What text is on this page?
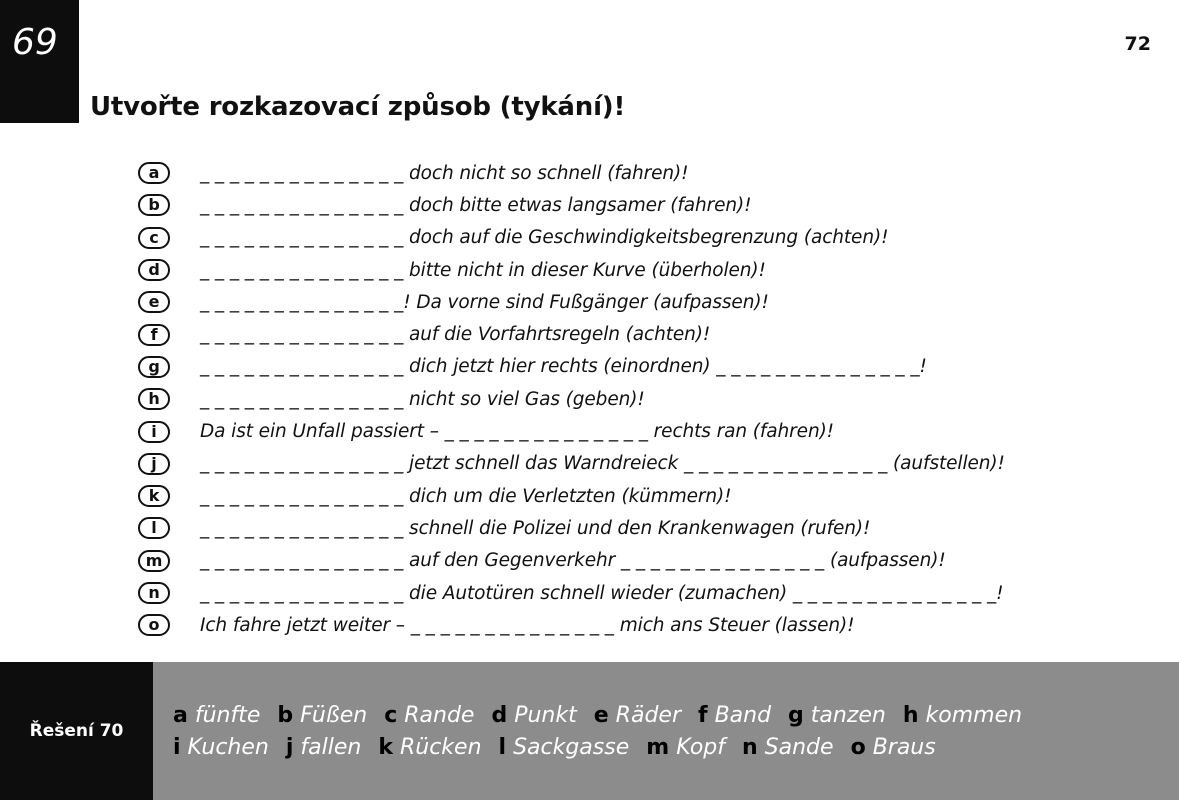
69	72
Utvořte rozkazovací způsob (tykání)!
a	_ _ _ _ _ _ _ _ _ _ _ _ _ _ doch nicht so schnell (fahren)!
b	_ _ _ _ _ _ _ _ _ _ _ _ _ _ doch bitte etwas langsamer (fahren)!
c	_ _ _ _ _ _ _ _ _ _ _ _ _ _ doch auf die Geschwindigkeitsbegrenzung (achten)!
d	_ _ _ _ _ _ _ _ _ _ _ _ _ _ bitte nicht in dieser Kurve (überholen)!
e	_ _ _ _ _ _ _ _ _ _ _ _ _ _! Da vorne sind Fußgänger (aufpassen)!
f	_ _ _ _ _ _ _ _ _ _ _ _ _ _ auf die Vorfahrtsregeln (achten)!
g	_ _ _ _ _ _ _ _ _ _ _ _ _ _ dich jetzt hier rechts (einordnen) _ _ _ _ _ _ _ _ _ _ _ _ _ _!
h	_ _ _ _ _ _ _ _ _ _ _ _ _ _ nicht so viel Gas (geben)!
i	Da ist ein Unfall passiert – _ _ _ _ _ _ _ _ _ _ _ _ _ _ rechts ran (fahren)!
j	_ _ _ _ _ _ _ _ _ _ _ _ _ _ jetzt schnell das Warndreieck _ _ _ _ _ _ _ _ _ _ _ _ _ _ (aufstellen)!
k	_ _ _ _ _ _ _ _ _ _ _ _ _ _ dich um die Verletzten (kümmern)!
l	_ _ _ _ _ _ _ _ _ _ _ _ _ _ schnell die Polizei und den Krankenwagen (rufen)!
m	_ _ _ _ _ _ _ _ _ _ _ _ _ _ auf den Gegenverkehr _ _ _ _ _ _ _ _ _ _ _ _ _ _ (aufpassen)!
n	_ _ _ _ _ _ _ _ _ _ _ _ _ _ die Autotüren schnell wieder (zumachen) _ _ _ _ _ _ _ _ _ _ _ _ _ _!
o	Ich fahre jetzt weiter – _ _ _ _ _ _ _ _ _ _ _ _ _ _ mich ans Steuer (lassen)!
Řešení 70
a fünfte b Füßen c Rande d Punkt e Räder f Band g tanzen h kommen
i Kuchen j fallen k Rücken l Sackgasse m Kopf n Sande o Braus
